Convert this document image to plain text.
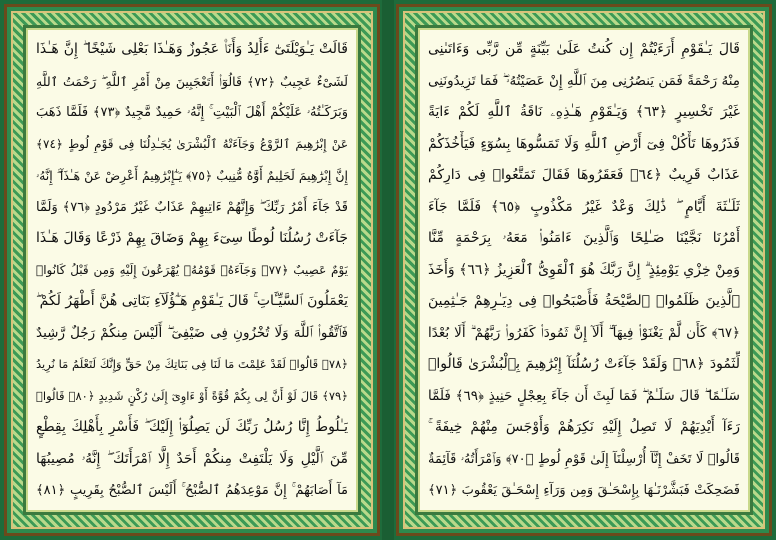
قَالَتْ يَـٰوَيْلَتَىٰٓ ءَأَلِدُ وَأَنَا۠ عَجُوزٌ وَهَـٰذَا بَعْلِى شَيْخًا ۖ إِنَّ هَـٰذَا
لَشَىْءٌ عَجِيبٌ ﴿٧٢﴾ قَالُوٓا۟ أَتَعْجَبِينَ مِنْ أَمْرِ ٱللَّهِ ۖ رَحْمَتُ ٱللَّهِ
وَبَرَكَـٰتُهُۥ عَلَيْكُمْ أَهْلَ ٱلْبَيْتِ ۚ إِنَّهُۥ حَمِيدٌ مَّجِيدٌ ﴿٧٣﴾ فَلَمَّا ذَهَبَ
عَنْ إِبْرَٰهِيمَ ٱلرَّوْعُ وَجَآءَتْهُ ٱلْبُشْرَىٰ يُجَـٰدِلُنَا فِى قَوْمِ لُوطٍ ﴿٧٤﴾
إِنَّ إِبْرَٰهِيمَ لَحَلِيمٌ أَوَّٰهٌ مُّنِيبٌ ﴿٧٥﴾ يَـٰٓإِبْرَٰهِيمُ أَعْرِضْ عَنْ هَـٰذَآ ۖ إِنَّهُۥ
قَدْ جَآءَ أَمْرُ رَبِّكَ ۖ وَإِنَّهُمْ ءَاتِيهِمْ عَذَابٌ غَيْرُ مَرْدُودٍ ﴿٧٦﴾ وَلَمَّا
جَآءَتْ رُسُلُنَا لُوطًا سِىٓءَ بِهِمْ وَضَاقَ بِهِمْ ذَرْعًا وَقَالَ هَـٰذَا
يَوْمٌ عَصِيبٌ ﴿٧٧﴾ وَجَآءَهُۥ قَوْمُهُۥ يُهْرَعُونَ إِلَيْهِ وَمِن قَبْلُ كَانُوا۟
يَعْمَلُونَ ٱلسَّيِّـَٔاتِ ۚ قَالَ يَـٰقَوْمِ هَـٰٓؤُلَآءِ بَنَاتِى هُنَّ أَطْهَرُ لَكُمْ ۖ
فَٱتَّقُوا۟ ٱللَّهَ وَلَا تُخْزُونِ فِى ضَيْفِىٓ ۖ أَلَيْسَ مِنكُمْ رَجُلٌ رَّشِيدٌ
﴿٧٨﴾ قَالُوا۟ لَقَدْ عَلِمْتَ مَا لَنَا فِى بَنَاتِكَ مِنْ حَقٍّ وَإِنَّكَ لَتَعْلَمُ مَا نُرِيدُ
﴿٧٩﴾ قَالَ لَوْ أَنَّ لِى بِكُمْ قُوَّةً أَوْ ءَاوِىٓ إِلَىٰ رُكْنٍ شَدِيدٍ ﴿٨٠﴾ قَالُوا۟
يَـٰلُوطُ إِنَّا رُسُلُ رَبِّكَ لَن يَصِلُوٓا۟ إِلَيْكَ ۖ فَأَسْرِ بِأَهْلِكَ بِقِطْعٍ
مِّنَ ٱلَّيْلِ وَلَا يَلْتَفِتْ مِنكُمْ أَحَدٌ إِلَّا ٱمْرَأَتَكَ ۖ إِنَّهُۥ مُصِيبُهَا
مَآ أَصَابَهُمْ ۚ إِنَّ مَوْعِدَهُمُ ٱلصُّبْحُ ۚ أَلَيْسَ ٱلصُّبْحُ بِقَرِيبٍ ﴿٨١﴾
قَالَ يَـٰقَوْمِ أَرَءَيْتُمْ إِن كُنتُ عَلَىٰ بَيِّنَةٍ مِّن رَّبِّى وَءَاتَىٰنِى
مِنْهُ رَحْمَةً فَمَن يَنصُرُنِى مِنَ ٱللَّهِ إِنْ عَصَيْتُهُۥ ۖ فَمَا تَزِيدُونَنِى
غَيْرَ تَخْسِيرٍ ﴿٦٣﴾ وَيَـٰقَوْمِ هَـٰذِهِۦ نَاقَةُ ٱللَّهِ لَكُمْ ءَايَةً
فَذَرُوهَا تَأْكُلْ فِىٓ أَرْضِ ٱللَّهِ وَلَا تَمَسُّوهَا بِسُوٓءٍ فَيَأْخُذَكُمْ
عَذَابٌ قَرِيبٌ ﴿٦٤﴾ فَعَقَرُوهَا فَقَالَ تَمَتَّعُوا۟ فِى دَارِكُمْ
ثَلَـٰثَةَ أَيَّامٍ ۖ ذَٰلِكَ وَعْدٌ غَيْرُ مَكْذُوبٍ ﴿٦٥﴾ فَلَمَّا جَآءَ
أَمْرُنَا نَجَّيْنَا صَـٰلِحًا وَٱلَّذِينَ ءَامَنُوا۟ مَعَهُۥ بِرَحْمَةٍ مِّنَّا
وَمِنْ خِزْىِ يَوْمِئِذٍ ۗ إِنَّ رَبَّكَ هُوَ ٱلْقَوِىُّ ٱلْعَزِيزُ ﴿٦٦﴾ وَأَخَذَ
ٱلَّذِينَ ظَلَمُوا۟ ٱلصَّيْحَةُ فَأَصْبَحُوا۟ فِى دِيَـٰرِهِمْ جَـٰثِمِينَ
﴿٦٧﴾ كَأَن لَّمْ يَغْنَوْا۟ فِيهَآ ۗ أَلَآ إِنَّ ثَمُودَا۟ كَفَرُوا۟ رَبَّهُمْ ۗ أَلَا بُعْدًا
لِّثَمُودَ ﴿٦٨﴾ وَلَقَدْ جَآءَتْ رُسُلُنَآ إِبْرَٰهِيمَ بِٱلْبُشْرَىٰ قَالُوا۟
سَلَـٰمًا ۖ قَالَ سَلَـٰمٌ ۖ فَمَا لَبِثَ أَن جَآءَ بِعِجْلٍ حَنِيذٍ ﴿٦٩﴾ فَلَمَّا
رَءَآ أَيْدِيَهُمْ لَا تَصِلُ إِلَيْهِ نَكِرَهُمْ وَأَوْجَسَ مِنْهُمْ خِيفَةً ۚ
قَالُوا۟ لَا تَخَفْ إِنَّآ أُرْسِلْنَآ إِلَىٰ قَوْمِ لُوطٍ ﴿٧٠﴾ وَٱمْرَأَتُهُۥ قَآئِمَةٌ
فَضَحِكَتْ فَبَشَّرْنَـٰهَا بِإِسْحَـٰقَ وَمِن وَرَآءِ إِسْحَـٰقَ يَعْقُوبَ ﴿٧١﴾
